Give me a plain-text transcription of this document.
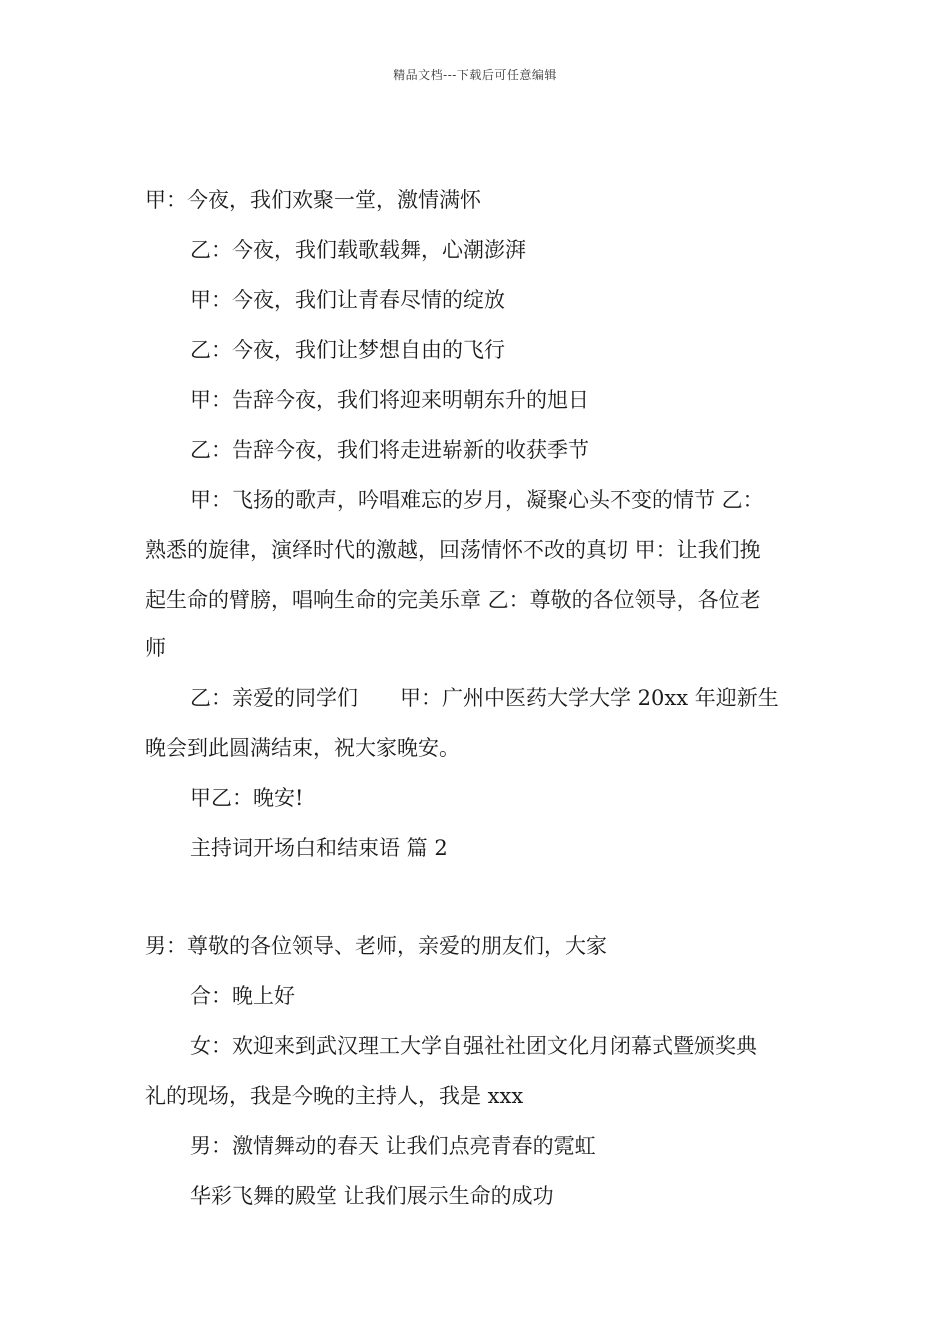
精品文档---下载后可任意编辑
甲：今夜，我们欢聚一堂，激情满怀
乙：今夜，我们载歌载舞，心潮澎湃
甲：今夜，我们让青春尽情的绽放
乙：今夜，我们让梦想自由的飞行
甲：告辞今夜，我们将迎来明朝东升的旭日
乙：告辞今夜，我们将走进崭新的收获季节
甲：飞扬的歌声，吟唱难忘的岁月，凝聚心头不变的情节 乙：
熟悉的旋律，演绎时代的激越，回荡情怀不改的真切 甲：让我们挽
起生命的臂膀，唱响生命的完美乐章 乙：尊敬的各位领导，各位老
师
乙：亲爱的同学们　　甲：广州中医药大学大学 20xx 年迎新生
晚会到此圆满结束，祝大家晚安。
甲乙：晚安!
主持词开场白和结束语 篇 2
男：尊敬的各位领导、老师，亲爱的朋友们，大家
合：晚上好
女：欢迎来到武汉理工大学自强社社团文化月闭幕式暨颁奖典
礼的现场，我是今晚的主持人，我是 xxx
男：激情舞动的春天 让我们点亮青春的霓虹
华彩飞舞的殿堂 让我们展示生命的成功
